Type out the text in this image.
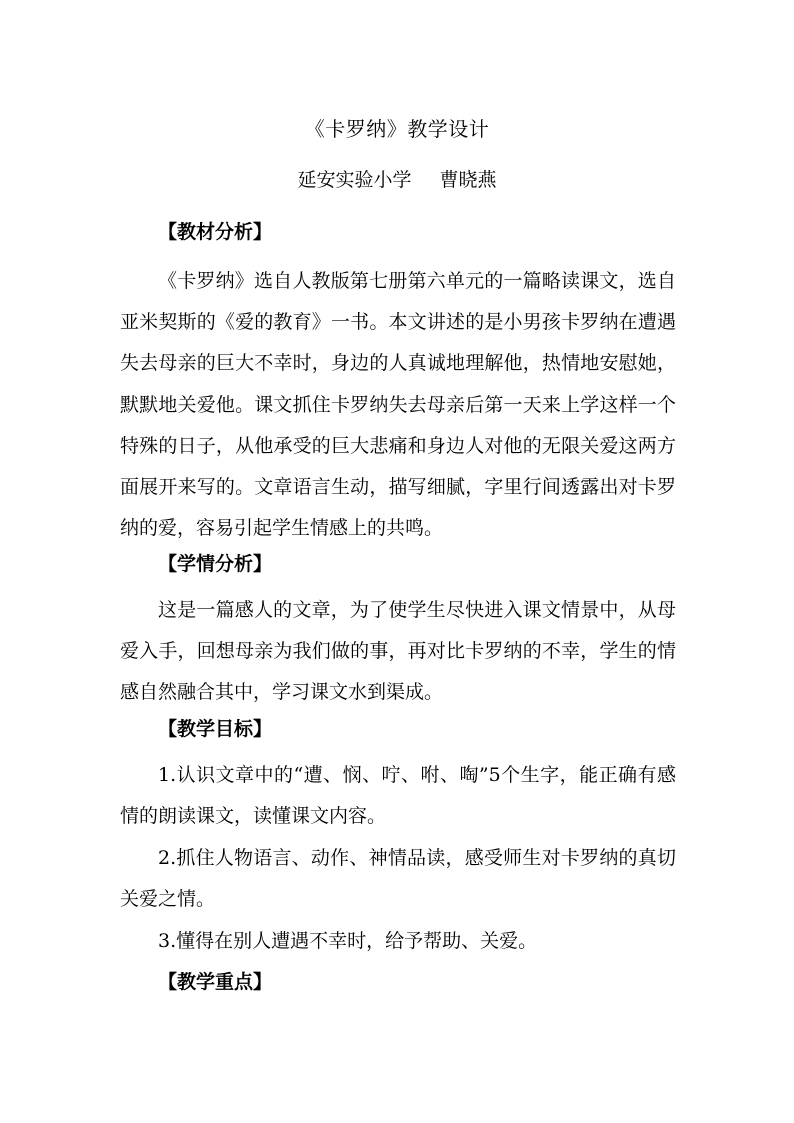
《卡罗纳》教学设计
延安实验小学 曹晓燕
【教材分析】

《卡罗纳》选自人教版第七册第六单元的一篇略读课文，选自亚米契斯的《爱的教育》一书。本文讲述的是小男孩卡罗纳在遭遇失去母亲的巨大不幸时，身边的人真诚地理解他，热情地安慰她，默默地关爱他。课文抓住卡罗纳失去母亲后第一天来上学这样一个特殊的日子，从他承受的巨大悲痛和身边人对他的无限关爱这两方面展开来写的。文章语言生动，描写细腻，字里行间透露出对卡罗纳的爱，容易引起学生情感上的共鸣。

【学情分析】

这是一篇感人的文章，为了使学生尽快进入课文情景中，从母爱入手，回想母亲为我们做的事，再对比卡罗纳的不幸，学生的情感自然融合其中，学习课文水到渠成。

【教学目标】

1.认识文章中的“遭、悯、咛、咐、啕”5个生字，能正确有感情的朗读课文，读懂课文内容。

2.抓住人物语言、动作、神情品读，感受师生对卡罗纳的真切关爱之情。

3.懂得在别人遭遇不幸时，给予帮助、关爱。

【教学重点】
